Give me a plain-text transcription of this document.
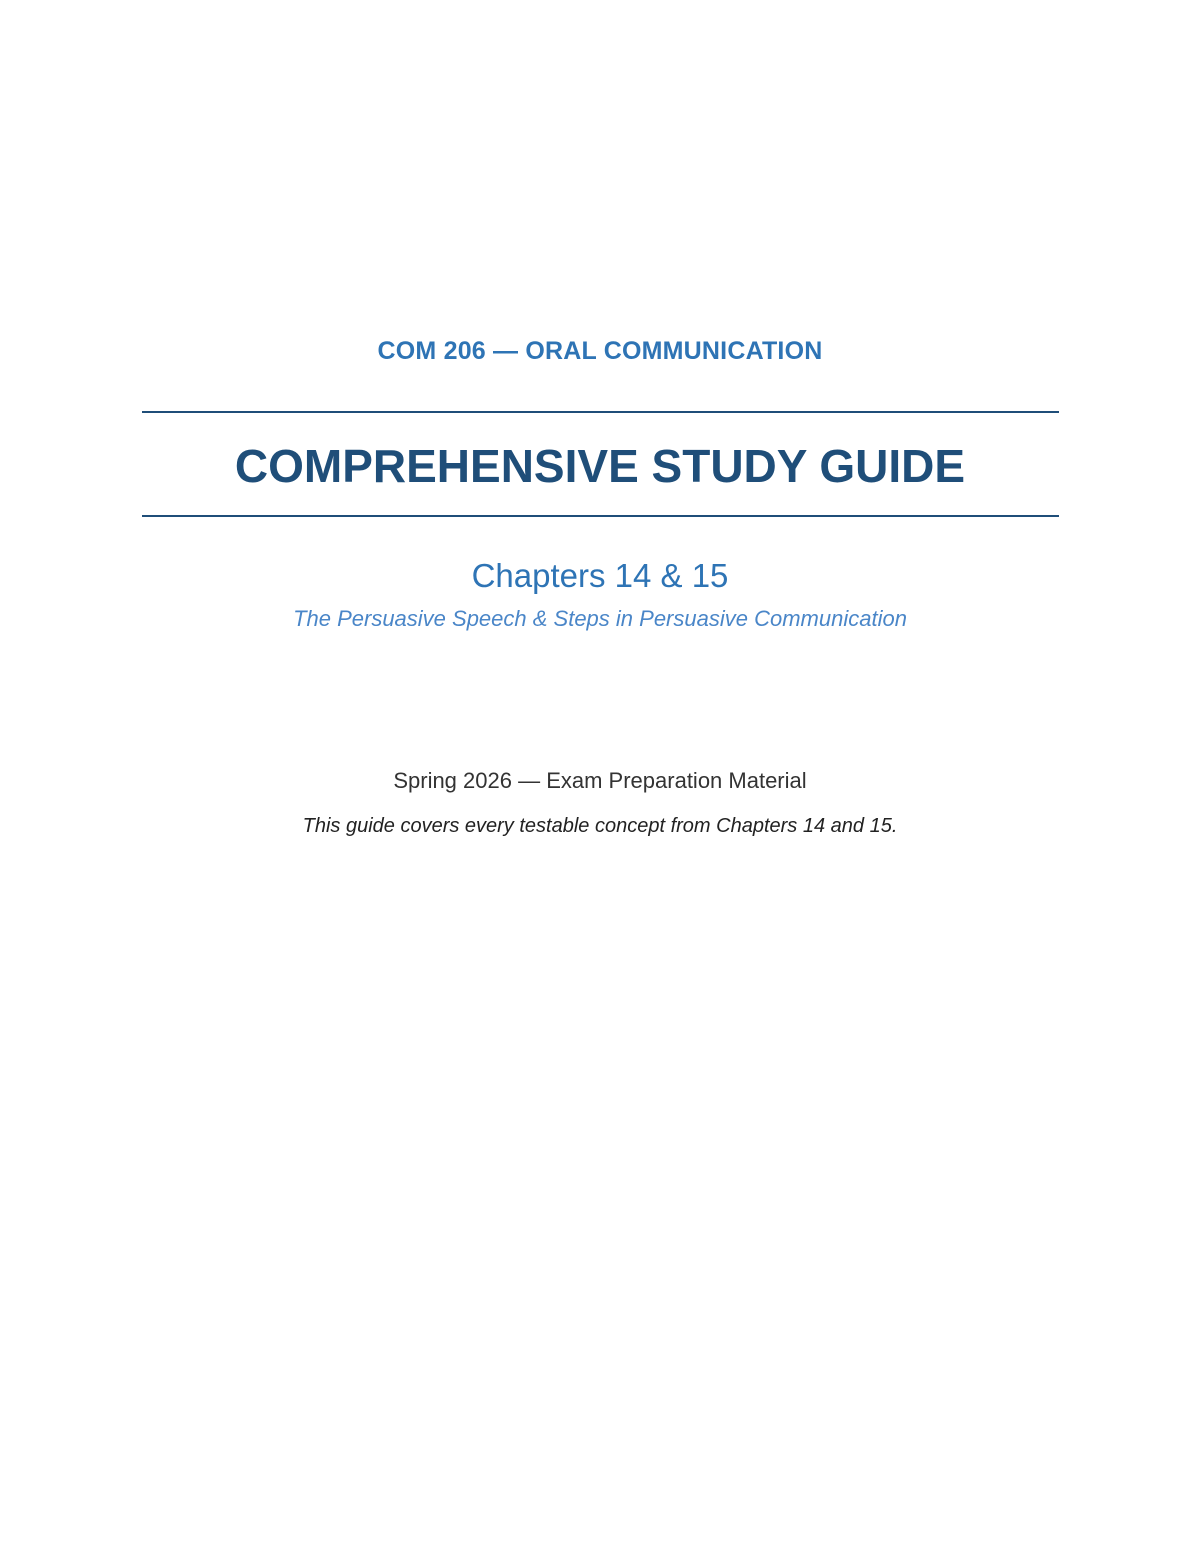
COM 206 — ORAL COMMUNICATION
COMPREHENSIVE STUDY GUIDE
Chapters 14 & 15
The Persuasive Speech & Steps in Persuasive Communication
Spring 2026 — Exam Preparation Material
This guide covers every testable concept from Chapters 14 and 15.
